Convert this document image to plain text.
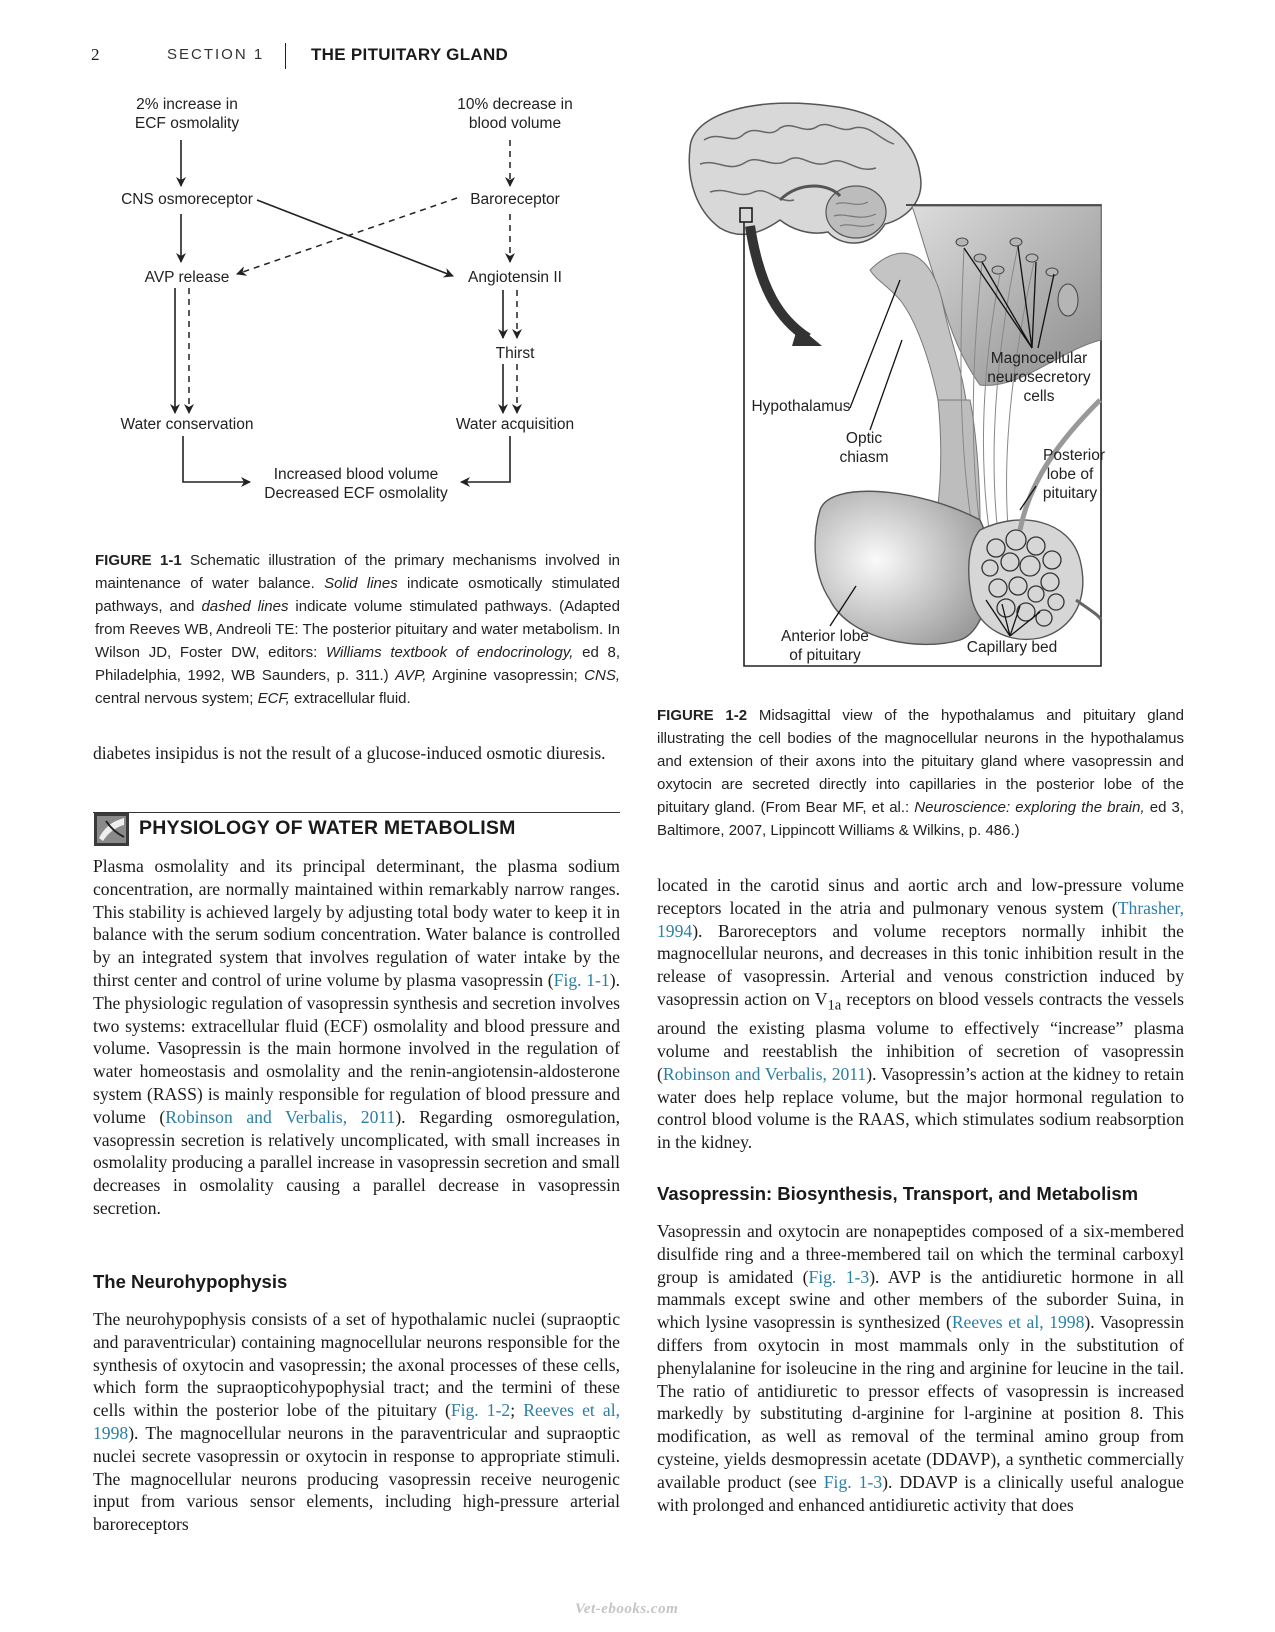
2	SECTION 1	THE PITUITARY GLAND
2% increase in
ECF osmolality
10% decrease in
blood volume
CNS osmoreceptor	Baroreceptor
AVP release	Angiotensin II
Thirst
Water conservation	Water acquisition
Increased blood volume
Decreased ECF osmolality
FIGURE 1-1 Schematic illustration of the primary mechanisms involved in maintenance of water balance. Solid lines indicate osmotically stimulated pathways, and dashed lines indicate volume stimulated pathways. (Adapted from Reeves WB, Andreoli TE: The posterior pituitary and water metabolism. In Wilson JD, Foster DW, editors: Williams textbook of endocrinology, ed 8, Philadelphia, 1992, WB Saunders, p. 311.) AVP, Arginine vasopressin; CNS, central nervous system; ECF, extracellular fluid.
diabetes insipidus is not the result of a glucose-induced osmotic diuresis.
PHYSIOLOGY OF WATER METABOLISM
Plasma osmolality and its principal determinant, the plasma sodium concentration, are normally maintained within remarkably narrow ranges. This stability is achieved largely by adjusting total body water to keep it in balance with the serum sodium concentration. Water balance is controlled by an integrated system that involves regulation of water intake by the thirst center and control of urine volume by plasma vasopressin (Fig. 1-1). The physiologic regulation of vasopressin synthesis and secretion involves two systems: extracellular fluid (ECF) osmolality and blood pressure and volume. Vasopressin is the main hormone involved in the regulation of water homeostasis and osmolality and the renin-angiotensin-aldosterone system (RASS) is mainly responsible for regulation of blood pressure and volume (Robinson and Verbalis, 2011). Regarding osmoregulation, vasopressin secretion is relatively uncomplicated, with small increases in osmolality producing a parallel increase in vasopressin secretion and small decreases in osmolality causing a parallel decrease in vasopressin secretion.
The Neurohypophysis
The neurohypophysis consists of a set of hypothalamic nuclei (supraoptic and paraventricular) containing magnocellular neurons responsible for the synthesis of oxytocin and vasopressin; the axonal processes of these cells, which form the supraopticohypophysial tract; and the termini of these cells within the posterior lobe of the pituitary (Fig. 1-2; Reeves et al, 1998). The magnocellular neurons in the paraventricular and supraoptic nuclei secrete vasopressin or oxytocin in response to appropriate stimuli. The magnocellular neurons producing vasopressin receive neurogenic input from various sensor elements, including high-pressure arterial baroreceptors
Magnocellular
neurosecretory
cells
Hypothalamus
Optic
chiasm	Posterior
lobe of
pituitary
Anterior lobe
of pituitary	Capillary bed
FIGURE 1-2 Midsagittal view of the hypothalamus and pituitary gland illustrating the cell bodies of the magnocellular neurons in the hypothalamus and extension of their axons into the pituitary gland where vasopressin and oxytocin are secreted directly into capillaries in the posterior lobe of the pituitary gland. (From Bear MF, et al.: Neuroscience: exploring the brain, ed 3, Baltimore, 2007, Lippincott Williams & Wilkins, p. 486.)
located in the carotid sinus and aortic arch and low-pressure volume receptors located in the atria and pulmonary venous system (Thrasher, 1994). Baroreceptors and volume receptors normally inhibit the magnocellular neurons, and decreases in this tonic inhibition result in the release of vasopressin. Arterial and venous constriction induced by vasopressin action on $V_{1a}$ receptors on blood vessels contracts the vessels around the existing plasma volume to effectively “increase” plasma volume and reestablish the inhibition of secretion of vasopressin (Robinson and Verbalis, 2011). Vasopressin’s action at the kidney to retain water does help replace volume, but the major hormonal regulation to control blood volume is the RAAS, which stimulates sodium reabsorption in the kidney.
Vasopressin: Biosynthesis, Transport, and Metabolism
Vasopressin and oxytocin are nonapeptides composed of a six-membered disulfide ring and a three-membered tail on which the terminal carboxyl group is amidated (Fig. 1-3). AVP is the antidiuretic hormone in all mammals except swine and other members of the suborder Suina, in which lysine vasopressin is synthesized (Reeves et al, 1998). Vasopressin differs from oxytocin in most mammals only in the substitution of phenylalanine for isoleucine in the ring and arginine for leucine in the tail. The ratio of antidiuretic to pressor effects of vasopressin is increased markedly by substituting d-arginine for l-arginine at position 8. This modification, as well as removal of the terminal amino group from cysteine, yields desmopressin acetate (DDAVP), a synthetic commercially available product (see Fig. 1-3). DDAVP is a clinically useful analogue with prolonged and enhanced antidiuretic activity that does
Vet-ebooks.com
